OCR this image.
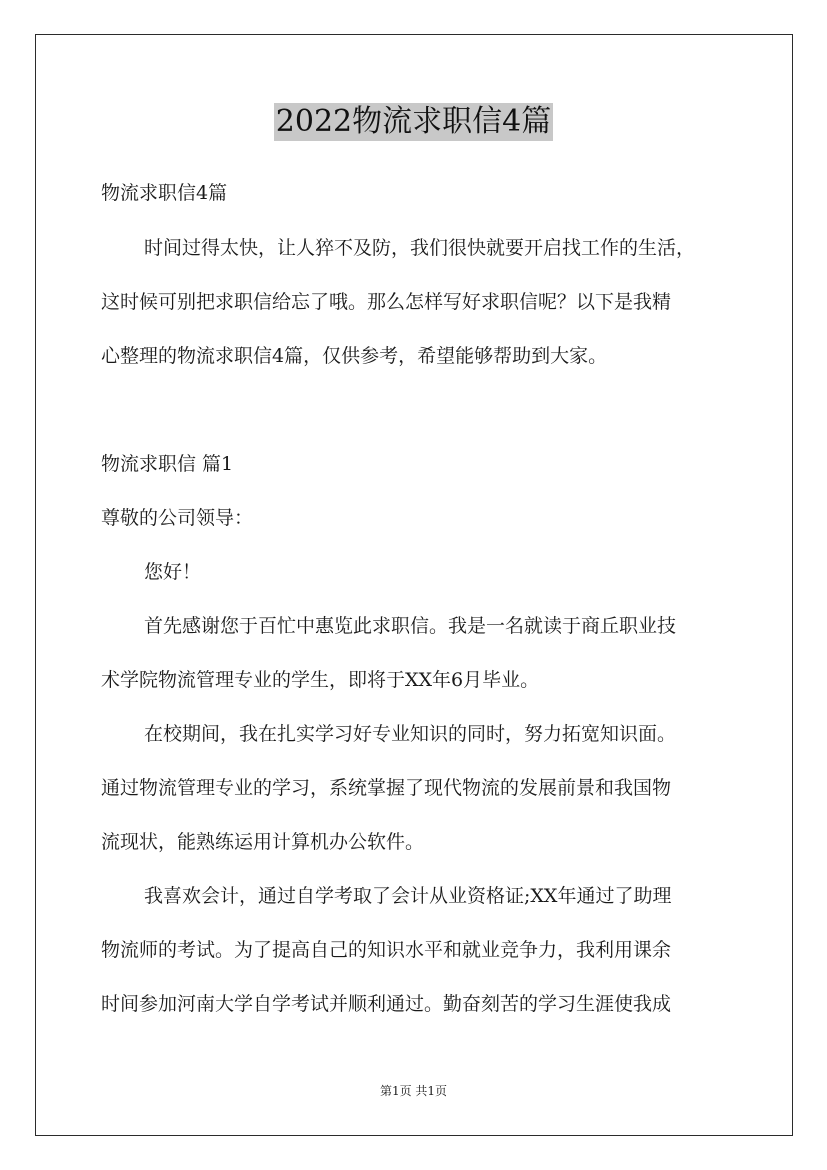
2022物流求职信4篇
物流求职信4篇
时间过得太快，让人猝不及防，我们很快就要开启找工作的生活，
这时候可别把求职信给忘了哦。那么怎样写好求职信呢？以下是我精
心整理的物流求职信4篇，仅供参考，希望能够帮助到大家。
物流求职信 篇1
尊敬的公司领导：
您好！
首先感谢您于百忙中惠览此求职信。我是一名就读于商丘职业技
术学院物流管理专业的学生，即将于XX年6月毕业。
在校期间，我在扎实学习好专业知识的同时，努力拓宽知识面。
通过物流管理专业的学习，系统掌握了现代物流的发展前景和我国物
流现状，能熟练运用计算机办公软件。
我喜欢会计，通过自学考取了会计从业资格证;XX年通过了助理
物流师的考试。为了提高自己的知识水平和就业竞争力，我利用课余
时间参加河南大学自学考试并顺利通过。勤奋刻苦的学习生涯使我成
第1页 共1页
